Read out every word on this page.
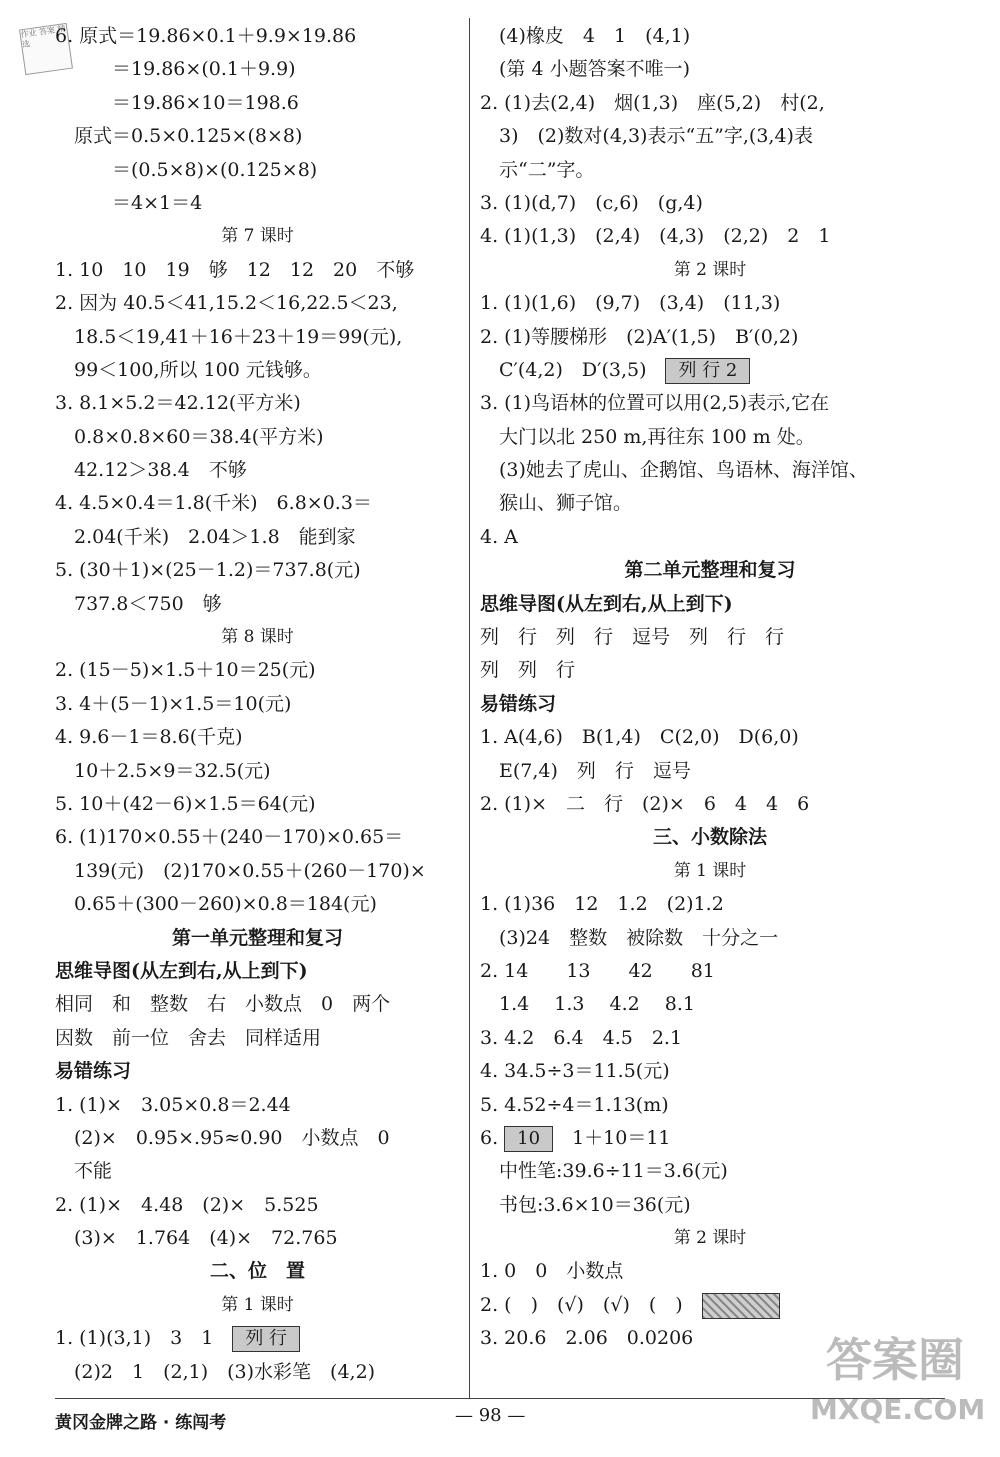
作业 答案 精选	6. 原式＝19.86×0.1＋9.9×19.86
　　　＝19.86×(0.1＋9.9)
　　　＝19.86×10＝198.6
　原式＝0.5×0.125×(8×8)
　　　＝(0.5×8)×(0.125×8)
　　　＝4×1＝4
第 7 课时
1. 10　10　19　够　12　12　20　不够
2. 因为 40.5＜41,15.2＜16,22.5＜23,
　18.5＜19,41＋16＋23＋19＝99(元),
　99＜100,所以 100 元钱够。
3. 8.1×5.2＝42.12(平方米)
　0.8×0.8×60＝38.4(平方米)
　42.12＞38.4　不够
4. 4.5×0.4＝1.8(千米)　6.8×0.3＝
　2.04(千米)　2.04＞1.8　能到家
5. (30＋1)×(25－1.2)＝737.8(元)
　737.8＜750　够
第 8 课时
2. (15－5)×1.5＋10＝25(元)
3. 4＋(5－1)×1.5＝10(元)
4. 9.6－1＝8.6(千克)
　10＋2.5×9＝32.5(元)
5. 10＋(42－6)×1.5＝64(元)
6. (1)170×0.55＋(240－170)×0.65＝
　139(元)　(2)170×0.55＋(260－170)×
　0.65＋(300－260)×0.8＝184(元)
第一单元整理和复习
思维导图(从左到右,从上到下)
相同　和　整数　右　小数点　0　两个
因数　前一位　舍去　同样适用
易错练习
1. (1)×　3.05×0.8＝2.44
　(2)×　0.95×.95≈0.90　小数点　0
　不能
2. (1)×　4.48　(2)×　5.525
　(3)×　1.764　(4)×　72.765
二、位　置
第 1 课时
1. (1)(3,1)　3　1　列 行
　(2)2　1　(2,1)　(3)水彩笔　(4,2)
　(4)橡皮　4　1　(4,1)
　(第 4 小题答案不唯一)
2. (1)去(2,4)　烟(1,3)　座(5,2)　村(2,
　3)　(2)数对(4,3)表示“五”字,(3,4)表
　示“二”字。
3. (1)(d,7)　(c,6)　(g,4)
4. (1)(1,3)　(2,4)　(4,3)　(2,2)　2　1
第 2 课时
1. (1)(1,6)　(9,7)　(3,4)　(11,3)
2. (1)等腰梯形　(2)A′(1,5)　B′(0,2)
　C′(4,2)　D′(3,5)　列 行 2
3. (1)鸟语林的位置可以用(2,5)表示,它在
　大门以北 250 m,再往东 100 m 处。
　(3)她去了虎山、企鹅馆、鸟语林、海洋馆、
　猴山、狮子馆。
4. A
第二单元整理和复习
思维导图(从左到右,从上到下)
列　行　列　行　逗号　列　行　行
列　列　行
易错练习
1. A(4,6)　B(1,4)　C(2,0)　D(6,0)
　E(7,4)　列　行　逗号
2. (1)×　二　行　(2)×　6　4　4　6
三、小数除法
第 1 课时
1. (1)36　12　1.2　(2)1.2
　(3)24　整数　被除数　十分之一
2. 14　　13　　42　　81
　1.4　 1.3　 4.2　 8.1
3. 4.2　6.4　4.5　2.1
4. 34.5÷3＝11.5(元)
5. 4.52÷4＝1.13(m)
6. 10　1＋10＝11
　中性笔:39.6÷11＝3.6(元)
　书包:3.6×10＝36(元)
第 2 课时
1. 0　0　小数点
2. (　)　(√)　(√)　(　)　
3. 20.6　2.06　0.0206
黄冈金牌之路 · 练闯考	— 98 —
答案圈
MXQE.COM
